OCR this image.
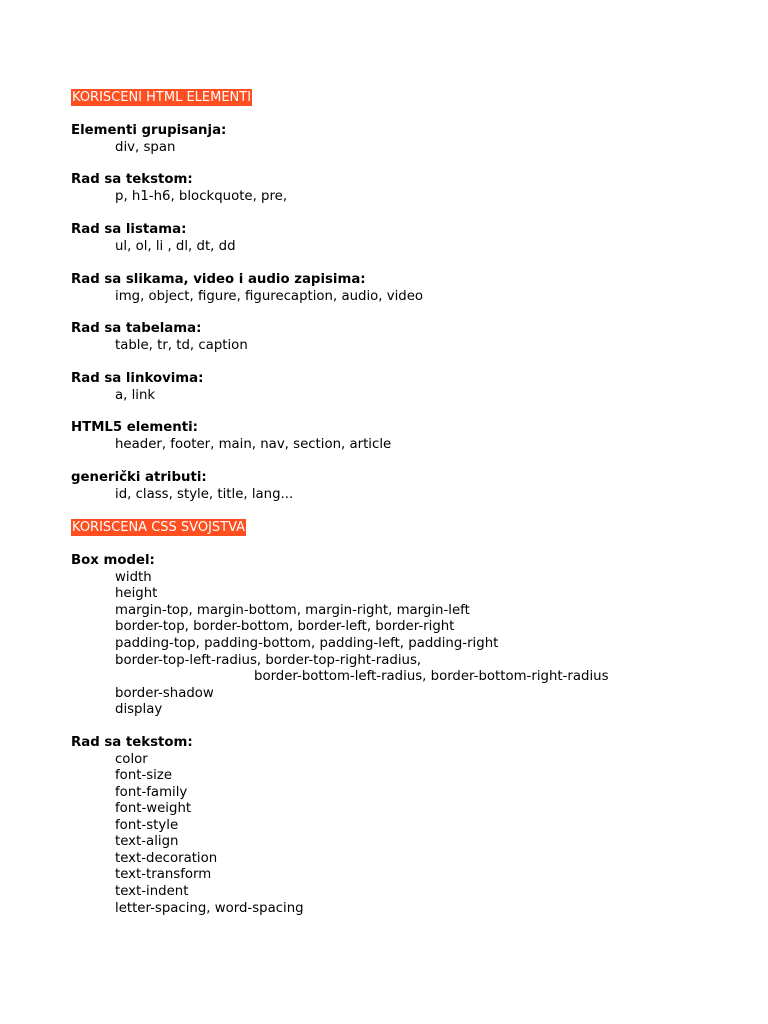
KORISCENI HTML ELEMENTI
Elementi grupisanja:
div, span
Rad sa tekstom:
p, h1-h6, blockquote, pre,
Rad sa listama:
ul, ol, li , dl, dt, dd
Rad sa slikama, video i audio zapisima:
img, object, figure, figurecaption, audio, video
Rad sa tabelama:
table, tr, td, caption
Rad sa linkovima:
a, link
HTML5 elementi:
header, footer, main, nav, section, article
generički atributi:
id, class, style, title, lang...
KORISCENA CSS SVOJSTVA
Box model:
width
height
margin-top, margin-bottom, margin-right, margin-left
border-top, border-bottom, border-left, border-right
padding-top, padding-bottom, padding-left, padding-right
border-top-left-radius, border-top-right-radius,
border-bottom-left-radius, border-bottom-right-radius
border-shadow
display
Rad sa tekstom:
color
font-size
font-family
font-weight
font-style
text-align
text-decoration
text-transform
text-indent
letter-spacing, word-spacing
